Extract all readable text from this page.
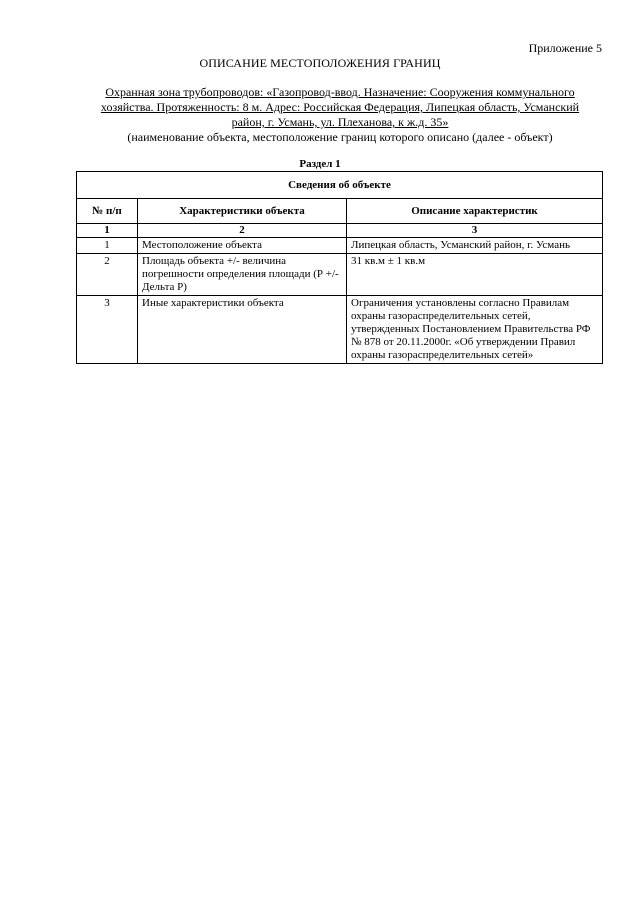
Приложение 5
ОПИСАНИЕ МЕСТОПОЛОЖЕНИЯ ГРАНИЦ
Охранная зона трубопроводов: «Газопровод-ввод. Назначение: Сооружения коммунального
хозяйства. Протяженность: 8 м. Адрес: Российская Федерация, Липецкая область, Усманский
район, г. Усмань, ул. Плеханова, к ж.д. 35»
(наименование объекта, местоположение границ которого описано (далее - объект)
Раздел 1
Сведения об объекте		
№ п/п	Характеристики объекта	Описание характеристик
1	2	3
1	Местоположение объекта	Липецкая область, Усманский район, г. Усмань
2	Площадь объекта +/- величина погрешности определения площади (Р +/- Дельта Р)	31 кв.м ± 1 кв.м
3	Иные характеристики объекта	Ограничения установлены согласно Правилам охраны газораспределительных сетей, утвержденных Постановлением Правительства РФ № 878 от 20.11.2000г. «Об утверждении Правил охраны газораспределительных сетей»
